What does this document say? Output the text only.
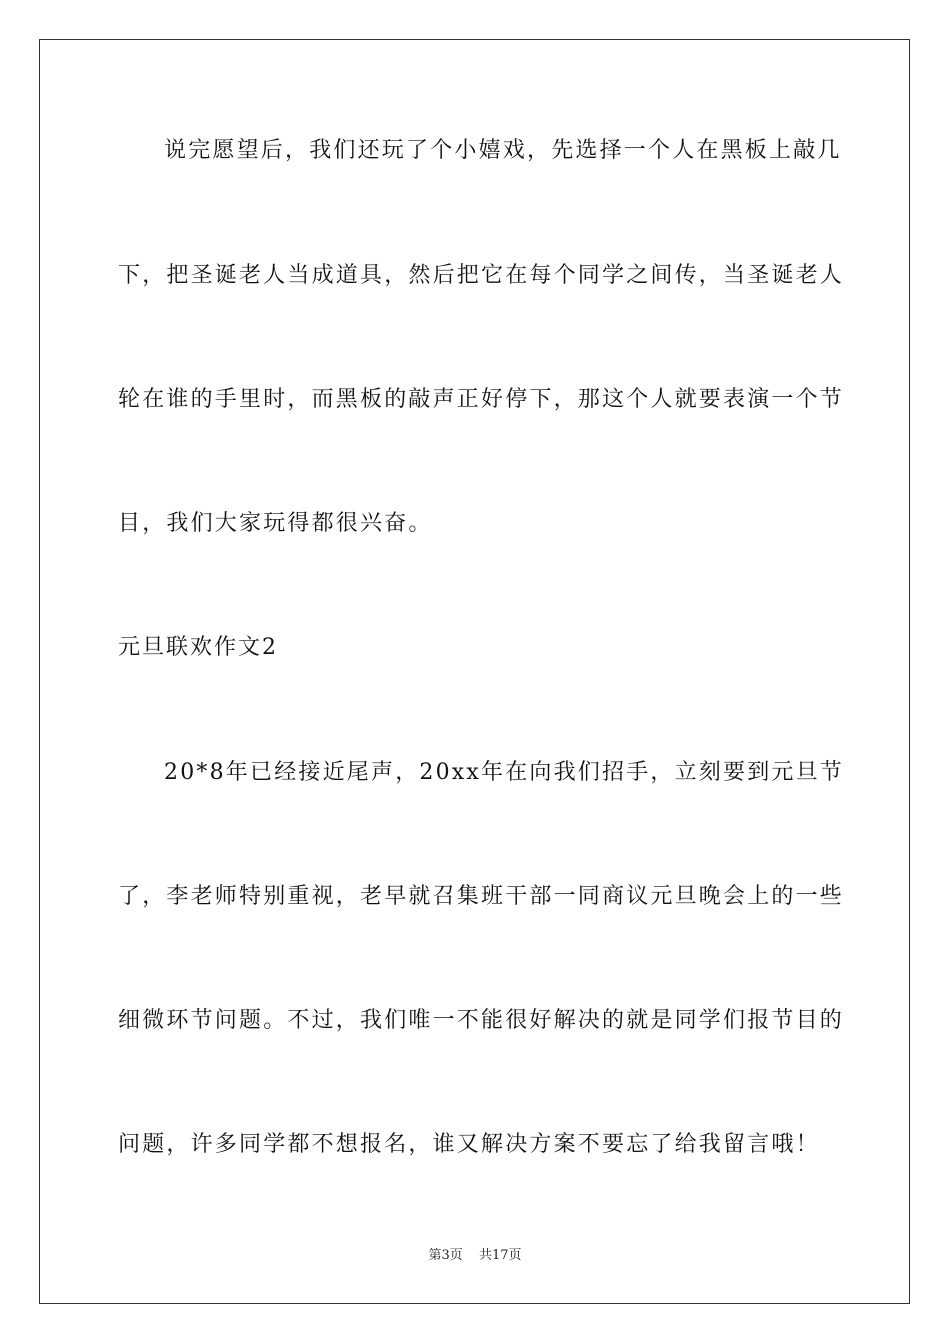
说完愿望后，我们还玩了个小嬉戏，先选择一个人在黑板上敲几
下，把圣诞老人当成道具，然后把它在每个同学之间传，当圣诞老人
轮在谁的手里时，而黑板的敲声正好停下，那这个人就要表演一个节
目，我们大家玩得都很兴奋。
元旦联欢作文2
20*8年已经接近尾声，20xx年在向我们招手，立刻要到元旦节
了，李老师特别重视，老早就召集班干部一同商议元旦晚会上的一些
细微环节问题。不过，我们唯一不能很好解决的就是同学们报节目的
问题，许多同学都不想报名，谁又解决方案不要忘了给我留言哦！
第3页 共17页
